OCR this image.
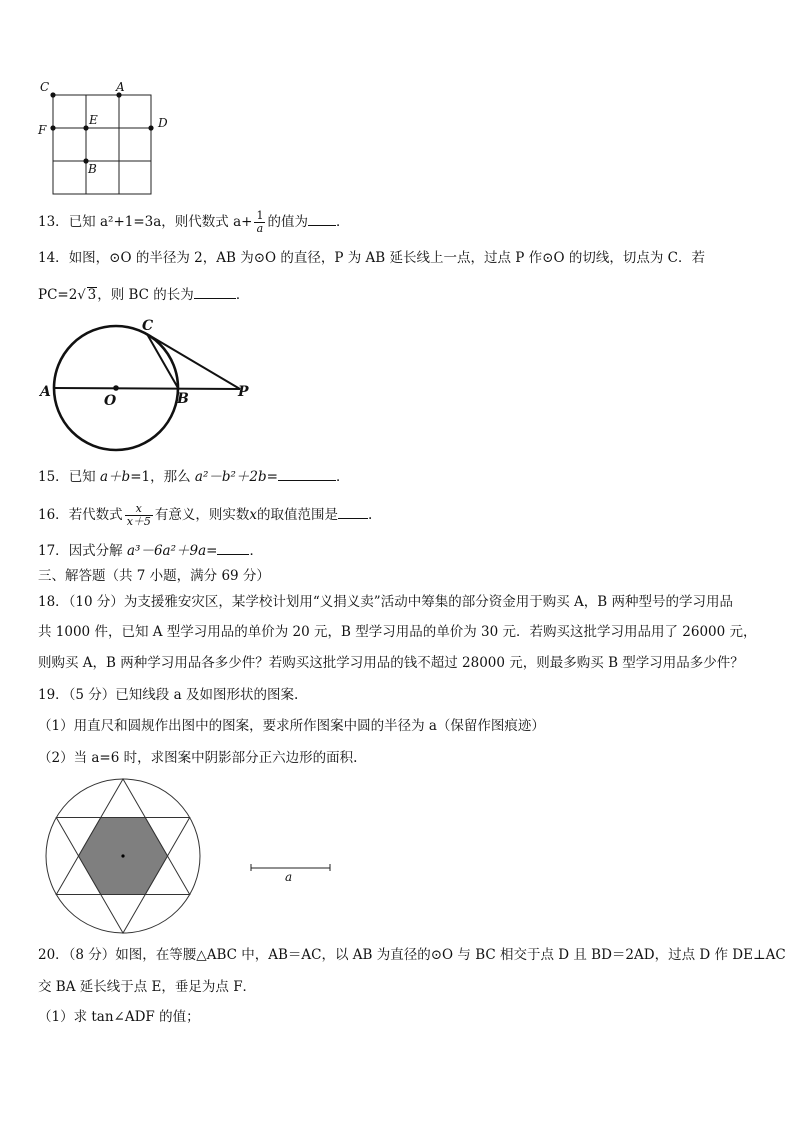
C	A
F
E	D
B
13．已知 a²+1=3a，则代数式 $a+ \frac{1}{a}$ 的值为 ．
14．如图，⊙O 的半径为 2，AB 为⊙O 的直径，P 为 AB 延长线上一点，过点 P 作⊙O 的切线，切点为 C．若
PC=2√ 3，则 BC 的长为	．
A
O	B	P
C
15．已知 a＋b=1，那么 a²－b²＋2b=	．
16．若代数式 $\frac{x}{x+5}$ 有意义，则实数x的取值范围是 .
17．因式分解 a³－6a²＋9a= ．
三、解答题（共 7 小题，满分 69 分）
18．（10 分）为支援雅安灾区，某学校计划用“义捐义卖”活动中筹集的部分资金用于购买 A，B 两种型号的学习用品
共 1000 件，已知 A 型学习用品的单价为 20 元，B 型学习用品的单价为 30 元．若购买这批学习用品用了 26000 元，
则购买 A，B 两种学习用品各多少件？若购买这批学习用品的钱不超过 28000 元，则最多购买 B 型学习用品多少件？
19．（5 分）已知线段 a 及如图形状的图案.
（1）用直尺和圆规作出图中的图案，要求所作图案中圆的半径为 a（保留作图痕迹）
（2）当 a=6 时，求图案中阴影部分正六边形的面积.
a
20．（8 分）如图，在等腰△ABC 中，AB＝AC，以 AB 为直径的⊙O 与 BC 相交于点 D 且 BD＝2AD，过点 D 作 DE⊥AC
交 BA 延长线于点 E，垂足为点 F．
（1）求 tan∠ADF 的值；
